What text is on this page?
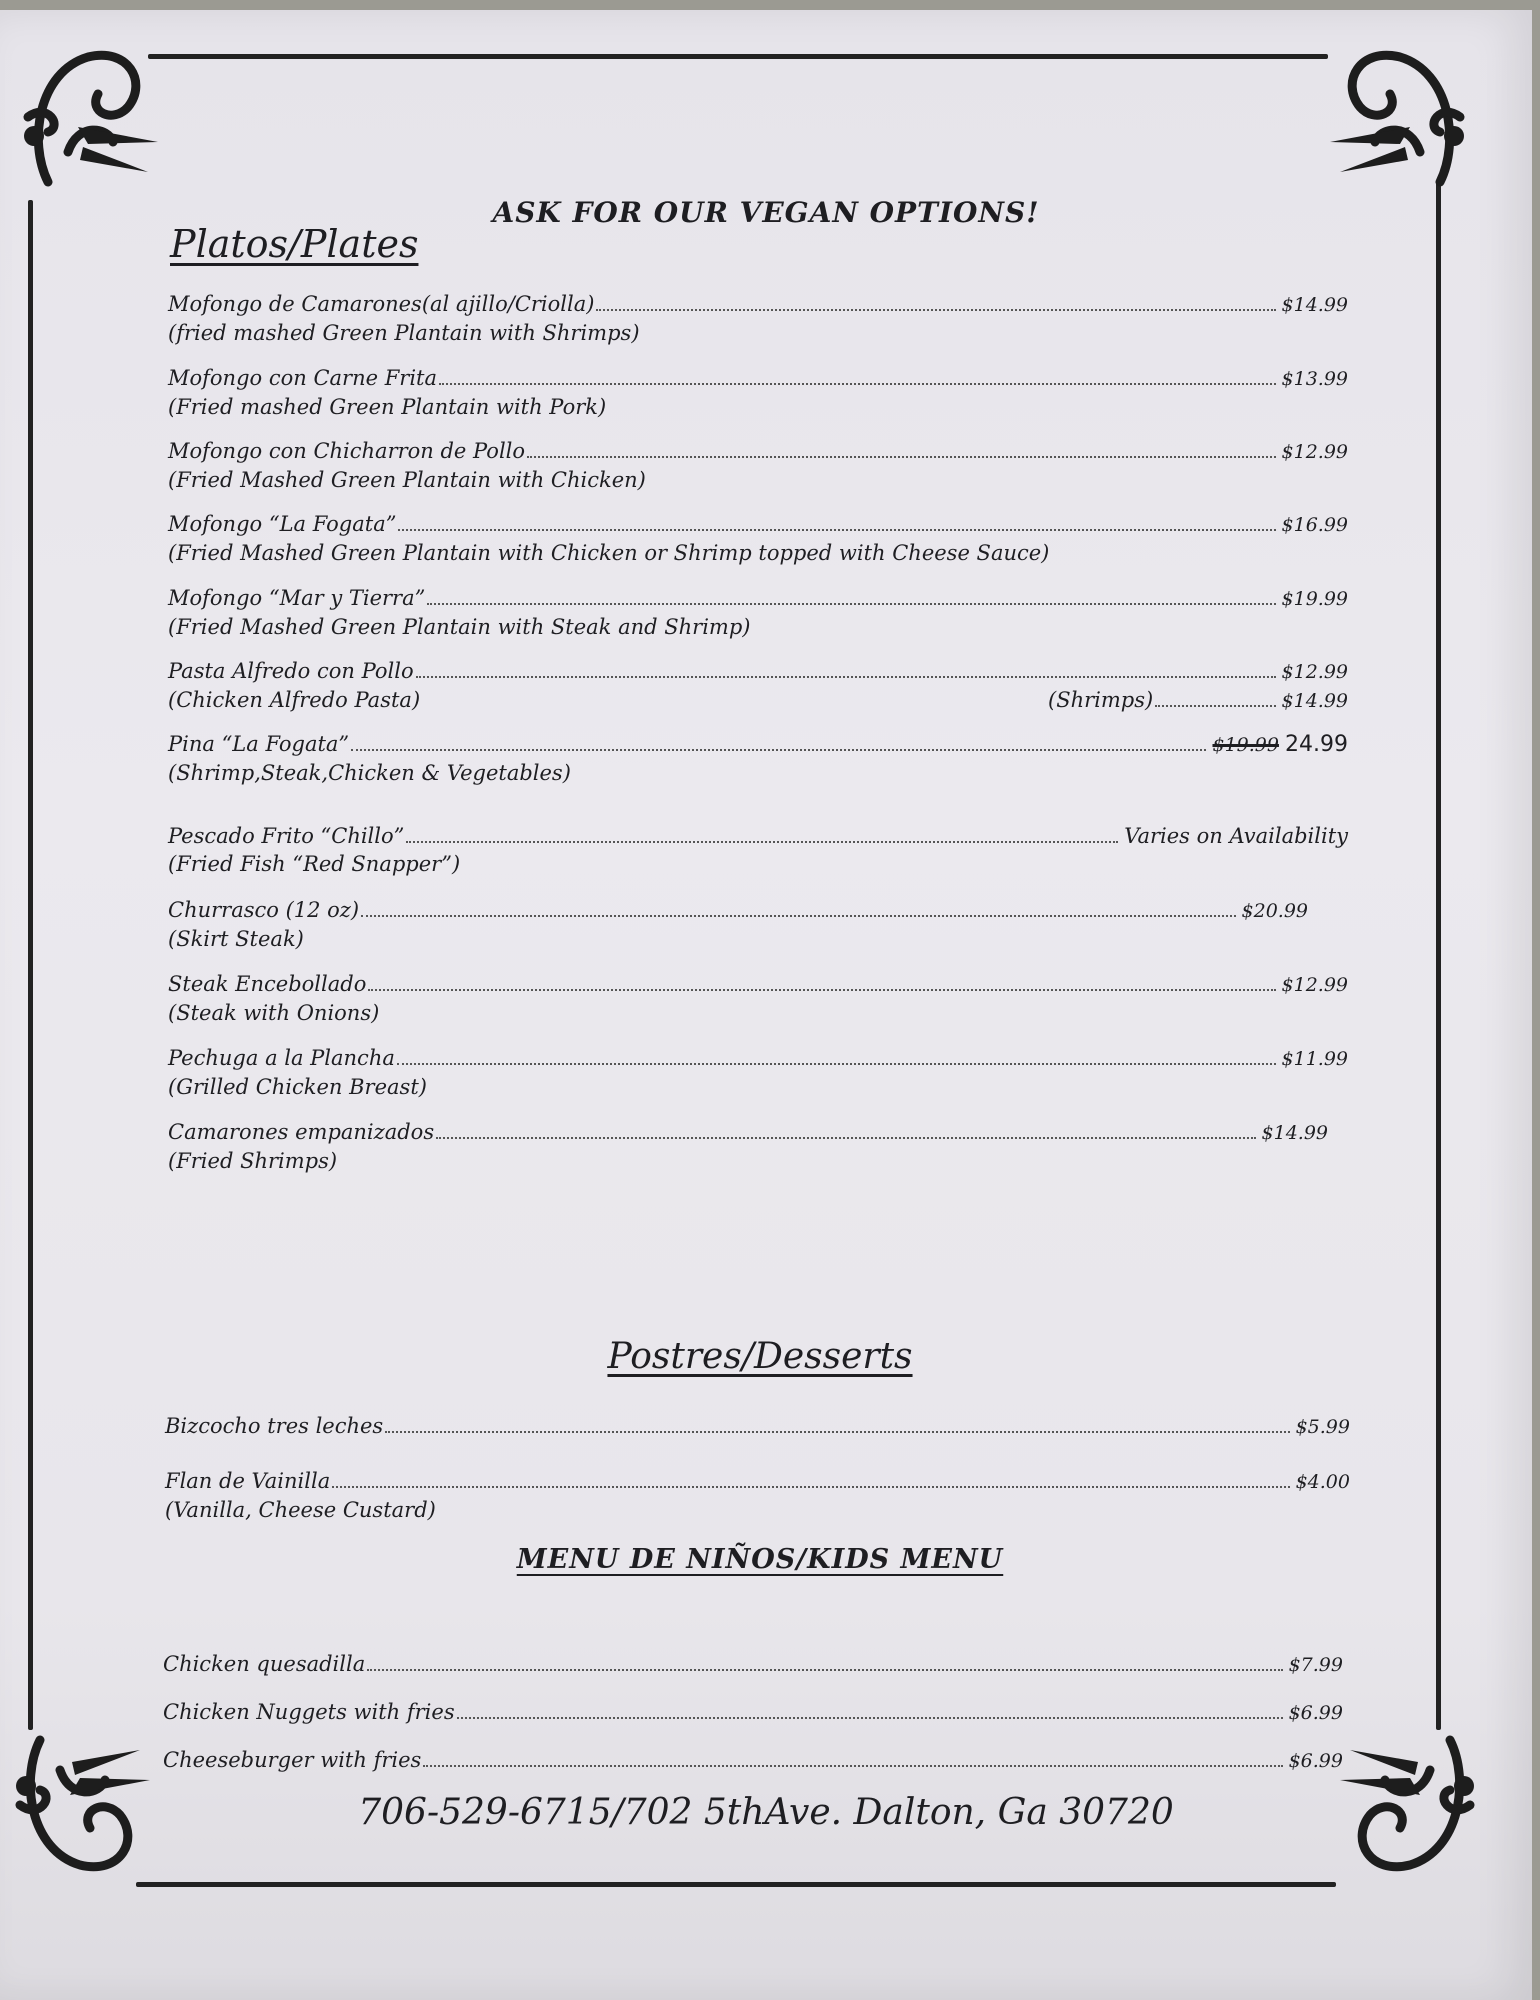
ASK FOR OUR VEGAN OPTIONS!
Platos/Plates
Mofongo de Camarones(al ajillo/Criolla)	$14.99
(fried mashed Green Plantain with Shrimps)
Mofongo con Carne Frita	$13.99
(Fried mashed Green Plantain with Pork)
Mofongo con Chicharron de Pollo	$12.99
(Fried Mashed Green Plantain with Chicken)
Mofongo “La Fogata”	$16.99
(Fried Mashed Green Plantain with Chicken or Shrimp topped with Cheese Sauce)
Mofongo “Mar y Tierra”	$19.99
(Fried Mashed Green Plantain with Steak and Shrimp)
Pasta Alfredo con Pollo	$12.99
(Chicken Alfredo Pasta)	(Shrimps)	$14.99
Pina “La Fogata”	$19.99 24.99
(Shrimp,Steak,Chicken & Vegetables)
Pescado Frito “Chillo”	Varies on Availability
(Fried Fish “Red Snapper”)
Churrasco (12 oz)	$20.99
(Skirt Steak)
Steak Encebollado	$12.99
(Steak with Onions)
Pechuga a la Plancha	$11.99
(Grilled Chicken Breast)
Camarones empanizados	$14.99
(Fried Shrimps)
Postres/Desserts
Bizcocho tres leches	$5.99
Flan de Vainilla	$4.00
(Vanilla, Cheese Custard)
MENU DE NIÑOS/KIDS MENU
Chicken quesadilla	$7.99
Chicken Nuggets with fries	$6.99
Cheeseburger with fries	$6.99
706-529-6715/702 5thAve. Dalton, Ga 30720
